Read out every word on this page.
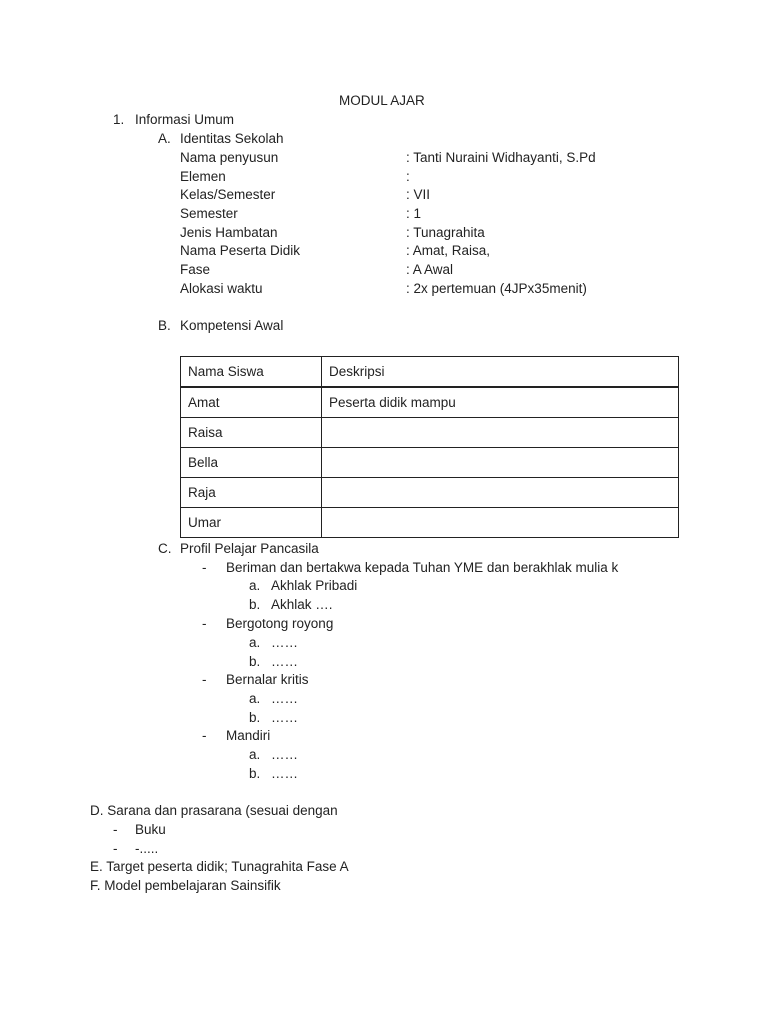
MODUL AJAR
1. Informasi Umum
A. Identitas Sekolah
Nama penyusun	: Tanti Nuraini Widhayanti, S.Pd
Elemen	:
Kelas/Semester	: VII
Semester	: 1
Jenis Hambatan	: Tunagrahita
Nama Peserta Didik	: Amat, Raisa,
Fase	: A Awal
Alokasi waktu	: 2x pertemuan (4JPx35menit)
B. Kompetensi Awal
Nama Siswa	Deskripsi
Amat	Peserta didik mampu
Raisa	
Bella	
Raja	
Umar	
C. Profil Pelajar Pancasila
- Beriman dan bertakwa kepada Tuhan YME dan berakhlak mulia k
a. Akhlak Pribadi
b. Akhlak ….
- Bergotong royong
a. ……
b. ……
- Bernalar kritis
a. ……
b. ……
- Mandiri
a. ……
b. ……
D. Sarana dan prasarana (sesuai dengan
- Buku
- -.....
E. Target peserta didik; Tunagrahita Fase A
F. Model pembelajaran Sainsifik
